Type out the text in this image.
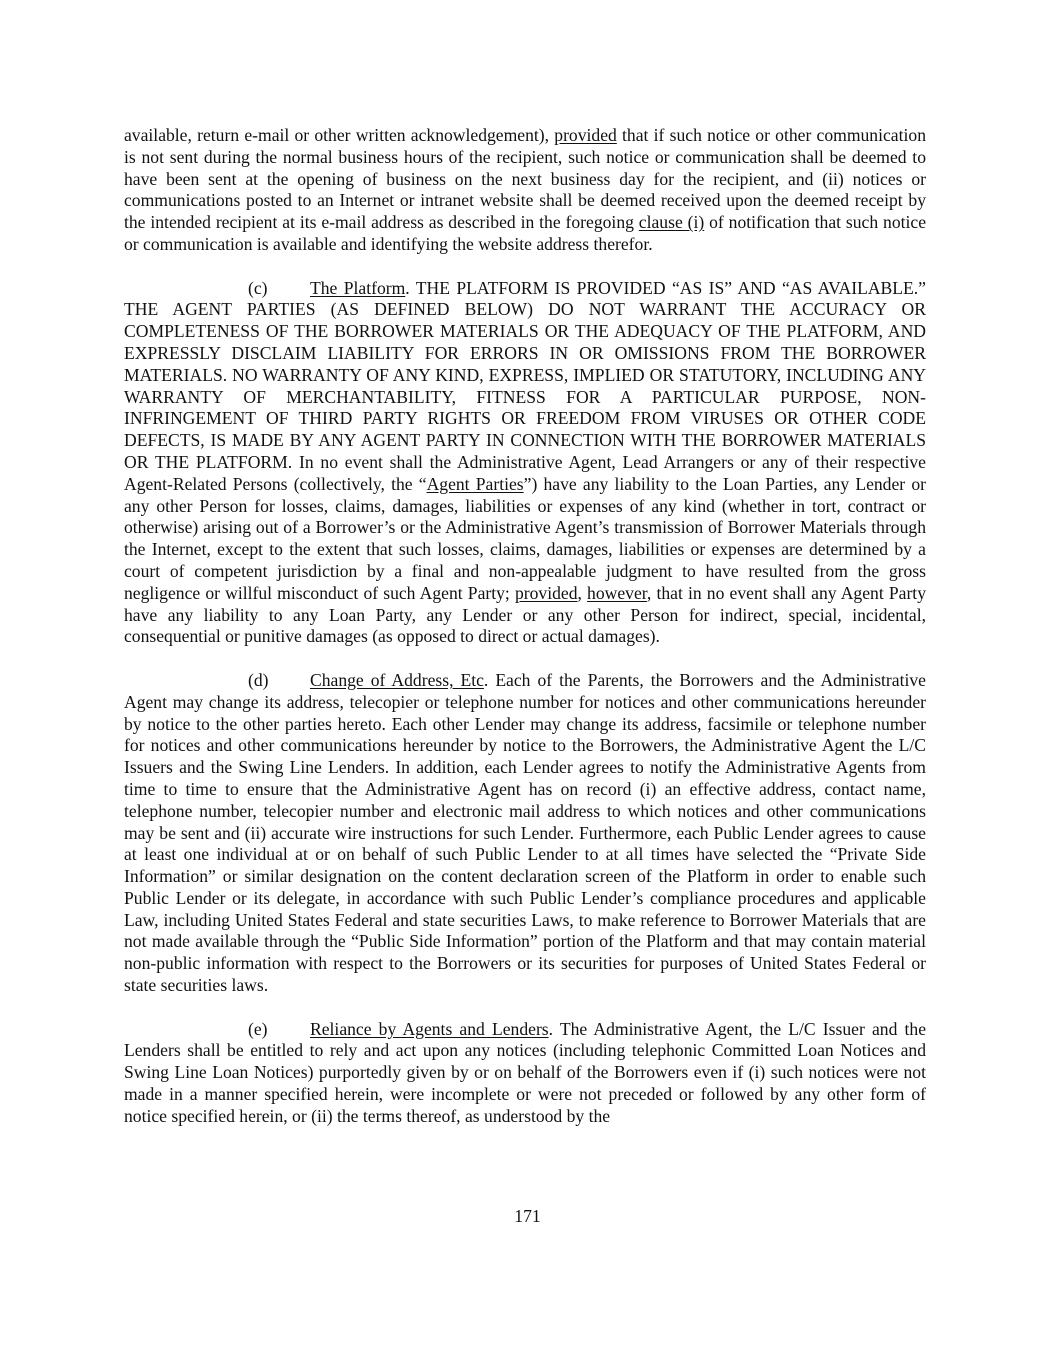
available, return e-mail or other written acknowledgement), provided that if such notice or other communication is not sent during the normal business hours of the recipient, such notice or communication shall be deemed to have been sent at the opening of business on the next business day for the recipient, and (ii) notices or communications posted to an Internet or intranet website shall be deemed received upon the deemed receipt by the intended recipient at its e-mail address as described in the foregoing clause (i) of notification that such notice or communication is available and identifying the website address therefor.

(c) The Platform. THE PLATFORM IS PROVIDED “AS IS” AND “AS AVAILABLE.” THE AGENT PARTIES (AS DEFINED BELOW) DO NOT WARRANT THE ACCURACY OR COMPLETENESS OF THE BORROWER MATERIALS OR THE ADEQUACY OF THE PLATFORM, AND EXPRESSLY DISCLAIM LIABILITY FOR ERRORS IN OR OMISSIONS FROM THE BORROWER MATERIALS. NO WARRANTY OF ANY KIND, EXPRESS, IMPLIED OR STATUTORY, INCLUDING ANY WARRANTY OF MERCHANTABILITY, FITNESS FOR A PARTICULAR PURPOSE, NON-INFRINGEMENT OF THIRD PARTY RIGHTS OR FREEDOM FROM VIRUSES OR OTHER CODE DEFECTS, IS MADE BY ANY AGENT PARTY IN CONNECTION WITH THE BORROWER MATERIALS OR THE PLATFORM. In no event shall the Administrative Agent, Lead Arrangers or any of their respective Agent-Related Persons (collectively, the “Agent Parties”) have any liability to the Loan Parties, any Lender or any other Person for losses, claims, damages, liabilities or expenses of any kind (whether in tort, contract or otherwise) arising out of a Borrower’s or the Administrative Agent’s transmission of Borrower Materials through the Internet, except to the extent that such losses, claims, damages, liabilities or expenses are determined by a court of competent jurisdiction by a final and non-appealable judgment to have resulted from the gross negligence or willful misconduct of such Agent Party; provided, however, that in no event shall any Agent Party have any liability to any Loan Party, any Lender or any other Person for indirect, special, incidental, consequential or punitive damages (as opposed to direct or actual damages).

(d) Change of Address, Etc. Each of the Parents, the Borrowers and the Administrative Agent may change its address, telecopier or telephone number for notices and other communications hereunder by notice to the other parties hereto. Each other Lender may change its address, facsimile or telephone number for notices and other communications hereunder by notice to the Borrowers, the Administrative Agent the L/C Issuers and the Swing Line Lenders. In addition, each Lender agrees to notify the Administrative Agents from time to time to ensure that the Administrative Agent has on record (i) an effective address, contact name, telephone number, telecopier number and electronic mail address to which notices and other communications may be sent and (ii) accurate wire instructions for such Lender. Furthermore, each Public Lender agrees to cause at least one individual at or on behalf of such Public Lender to at all times have selected the “Private Side Information” or similar designation on the content declaration screen of the Platform in order to enable such Public Lender or its delegate, in accordance with such Public Lender’s compliance procedures and applicable Law, including United States Federal and state securities Laws, to make reference to Borrower Materials that are not made available through the “Public Side Information” portion of the Platform and that may contain material non-public information with respect to the Borrowers or its securities for purposes of United States Federal or state securities laws.

(e) Reliance by Agents and Lenders. The Administrative Agent, the L/C Issuer and the Lenders shall be entitled to rely and act upon any notices (including telephonic Committed Loan Notices and Swing Line Loan Notices) purportedly given by or on behalf of the Borrowers even if (i) such notices were not made in a manner specified herein, were incomplete or were not preceded or followed by any other form of notice specified herein, or (ii) the terms thereof, as understood by the

171
